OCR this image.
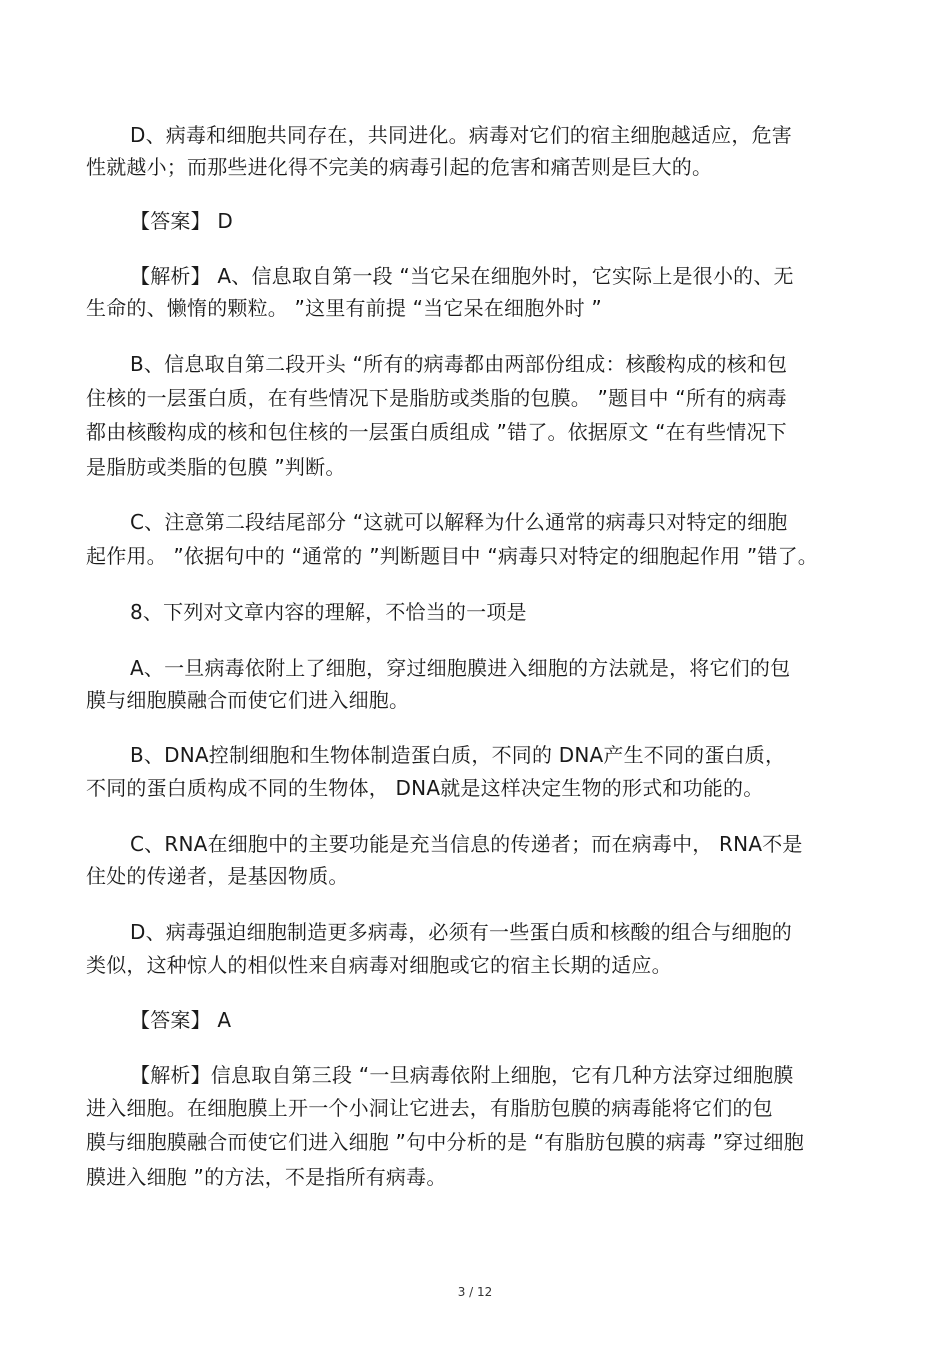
D、病毒和细胞共同存在，共同进化。病毒对它们的宿主细胞越适应，危害
性就越小；而那些进化得不完美的病毒引起的危害和痛苦则是巨大的。
【答案】 D
【解析】 A、信息取自第一段 “当它呆在细胞外时，它实际上是很小的、无
生命的、懒惰的颗粒。 ”这里有前提 “当它呆在细胞外时 ”
B、信息取自第二段开头 “所有的病毒都由两部份组成：核酸构成的核和包
住核的一层蛋白质，在有些情况下是脂肪或类脂的包膜。 ”题目中 “所有的病毒
都由核酸构成的核和包住核的一层蛋白质组成 ”错了。依据原文 “在有些情况下
是脂肪或类脂的包膜 ”判断。
C、注意第二段结尾部分 “这就可以解释为什么通常的病毒只对特定的细胞
起作用。 ”依据句中的 “通常的 ”判断题目中 “病毒只对特定的细胞起作用 ”错了。
8、下列对文章内容的理解，不恰当的一项是
A、一旦病毒依附上了细胞，穿过细胞膜进入细胞的方法就是，将它们的包
膜与细胞膜融合而使它们进入细胞。
B、DNA控制细胞和生物体制造蛋白质，不同的 DNA产生不同的蛋白质，
不同的蛋白质构成不同的生物体， DNA就是这样决定生物的形式和功能的。
C、RNA在细胞中的主要功能是充当信息的传递者；而在病毒中， RNA不是
住处的传递者，是基因物质。
D、病毒强迫细胞制造更多病毒，必须有一些蛋白质和核酸的组合与细胞的
类似，这种惊人的相似性来自病毒对细胞或它的宿主长期的适应。
【答案】 A
【解析】信息取自第三段 “一旦病毒依附上细胞，它有几种方法穿过细胞膜
进入细胞。在细胞膜上开一个小洞让它进去，有脂肪包膜的病毒能将它们的包
膜与细胞膜融合而使它们进入细胞 ”句中分析的是 “有脂肪包膜的病毒 ”穿过细胞
膜进入细胞 ”的方法，不是指所有病毒。
3 / 12
